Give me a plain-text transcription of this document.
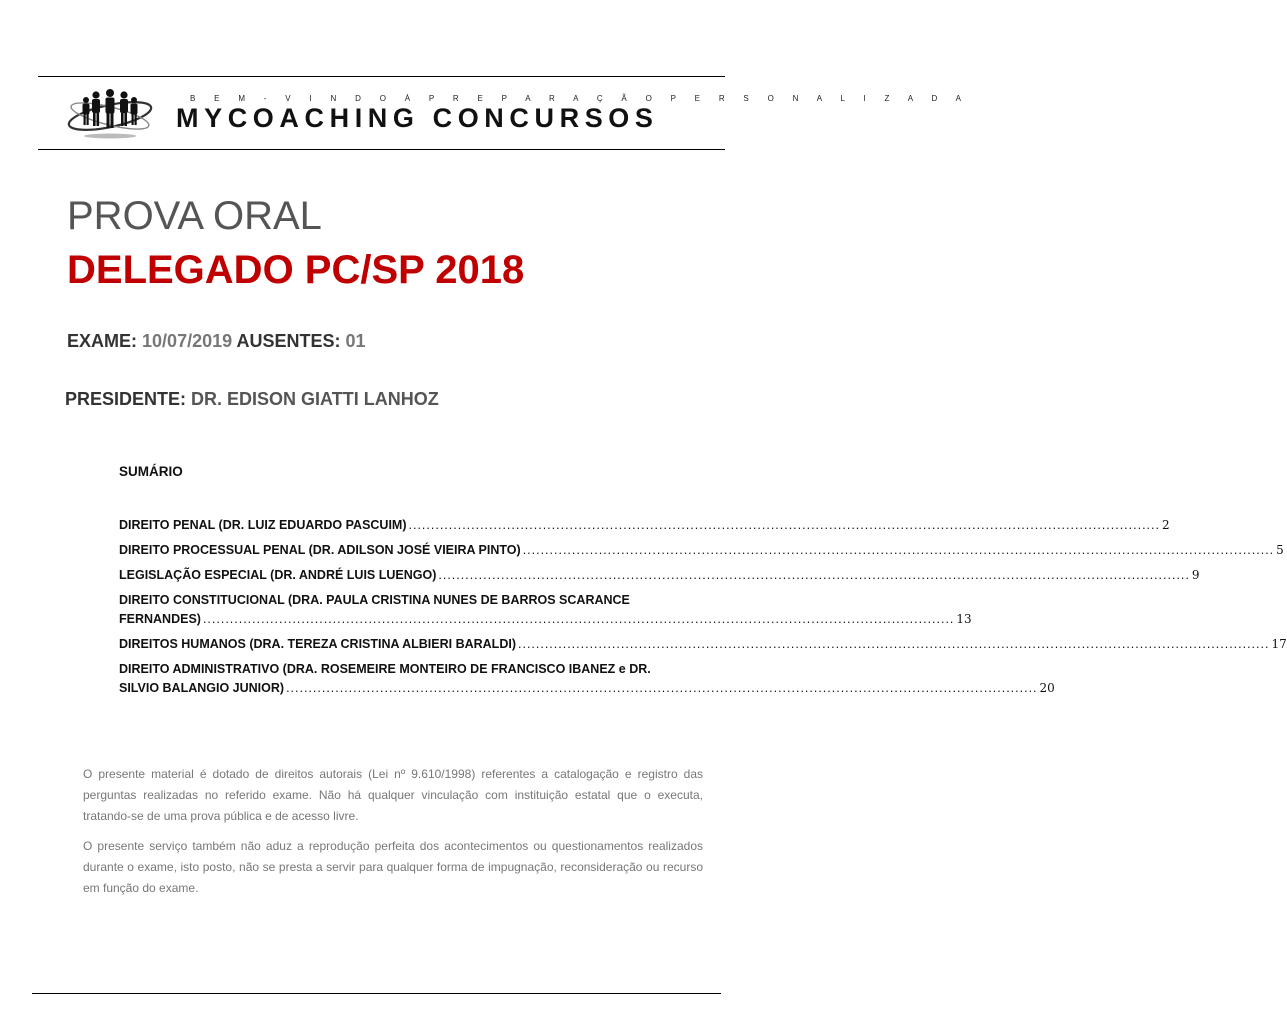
B E M - V I N D O À P R E P A R A Ç Ã O P E R S O N A L I Z A D A
MYCOACHING CONCURSOS
PROVA ORAL
DELEGADO PC/SP 2018
EXAME: 10/07/2019 AUSENTES: 01
PRESIDENTE: DR. EDISON GIATTI LANHOZ
SUMÁRIO
DIREITO PENAL (DR. LUIZ EDUARDO PASCUIM) .....	2
DIREITO PROCESSUAL PENAL (DR. ADILSON JOSÉ VIEIRA PINTO) .....	5
LEGISLAÇÃO ESPECIAL (DR. ANDRÉ LUIS LUENGO) .....	9
DIREITO CONSTITUCIONAL (DRA. PAULA CRISTINA NUNES DE BARROS SCARANCE
FERNANDES) .....	13
DIREITOS HUMANOS (DRA. TEREZA CRISTINA ALBIERI BARALDI) .....	17
DIREITO ADMINISTRATIVO (DRA. ROSEMEIRE MONTEIRO DE FRANCISCO IBANEZ e DR.
SILVIO BALANGIO JUNIOR) .....	20

O presente material é dotado de direitos autorais (Lei nº 9.610/1998) referentes a catalogação e registro das perguntas realizadas no referido exame. Não há qualquer vinculação com instituição estatal que o executa, tratando-se de uma prova pública e de acesso livre.

O presente serviço também não aduz a reprodução perfeita dos acontecimentos ou questionamentos realizados durante o exame, isto posto, não se presta a servir para qualquer forma de impugnação, reconsideração ou recurso em função do exame.
